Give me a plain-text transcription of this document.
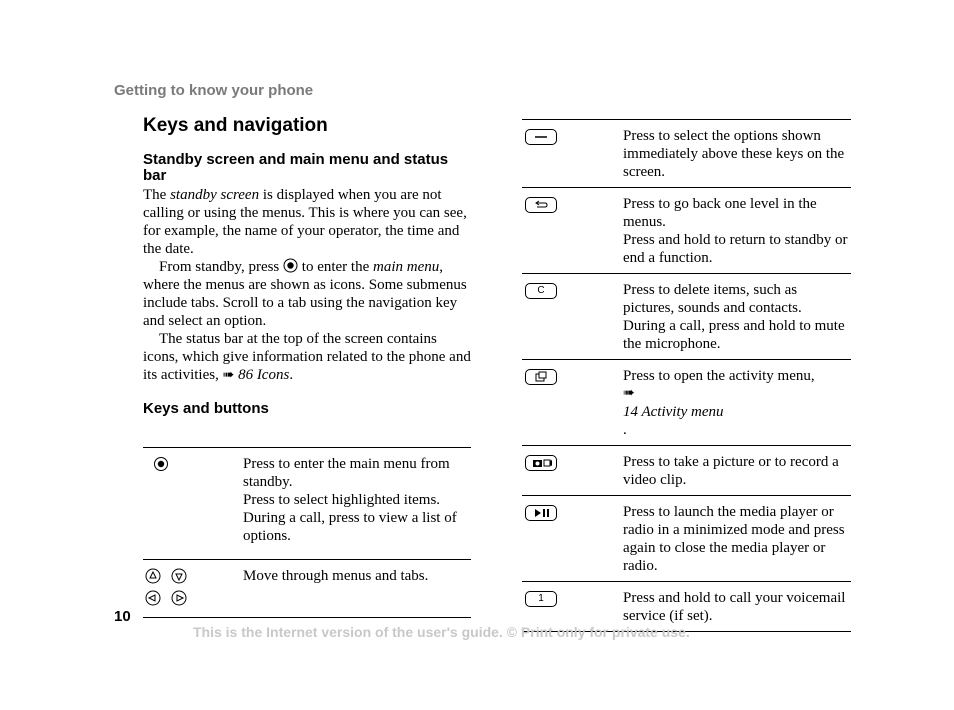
Getting to know your phone
Keys and navigation
Standby screen and main menu and status bar

The standby screen is displayed when you are not calling or using the menus. This is where you can see, for example, the name of your operator, the time and the date.

From standby, press  to enter the main menu, where the menus are shown as icons. Some submenus include tabs. Scroll to a tab using the navigation key and select an option.

The status bar at the top of the screen contains icons, which give information related to the phone and its activities, ➠ 86 Icons.

Keys and buttons
Press to enter the main menu from standby.
Press to select highlighted items.
During a call, press to view a list of options.
Move through menus and tabs.
Press to select the options shown immediately above these keys on the screen.
Press to go back one level in the menus.
Press and hold to return to standby or end a function.
C	Press to delete items, such as pictures, sounds and contacts.
During a call, press and hold to mute the microphone.
Press to open the activity menu,
➠
14 Activity menu
.
Press to take a picture or to record a video clip.
Press to launch the media player or radio in a minimized mode and press again to close the media player or radio.
1	Press and hold to call your voicemail service (if set).
10
This is the Internet version of the user's guide. © Print only for private use.
